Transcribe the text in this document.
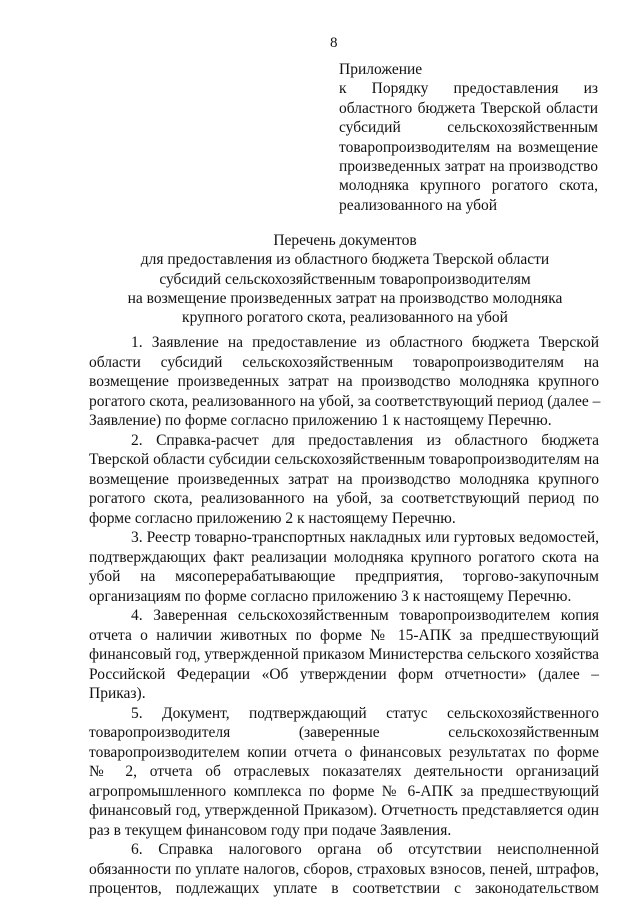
8
Приложение
к Порядку предоставления из
областного бюджета Тверской области
субсидий сельскохозяйственным
товаропроизводителям на возмещение
произведенных затрат на производство
молодняка крупного рогатого скота,
реализованного на убой
Перечень документов
для предоставления из областного бюджета Тверской области
субсидий сельскохозяйственным товаропроизводителям
на возмещение произведенных затрат на производство молодняка
крупного рогатого скота, реализованного на убой
1. Заявление на предоставление из областного бюджета Тверской
области субсидий сельскохозяйственным товаропроизводителям на
возмещение произведенных затрат на производство молодняка крупного
рогатого скота, реализованного на убой, за соответствующий период (далее –
Заявление) по форме согласно приложению 1 к настоящему Перечню.
2. Справка-расчет для предоставления из областного бюджета
Тверской области субсидии сельскохозяйственным товаропроизводителям на
возмещение произведенных затрат на производство молодняка крупного
рогатого скота, реализованного на убой, за соответствующий период по
форме согласно приложению 2 к настоящему Перечню.
3. Реестр товарно-транспортных накладных или гуртовых ведомостей,
подтверждающих факт реализации молодняка крупного рогатого скота на
убой на мясоперерабатывающие предприятия, торгово-закупочным
организациям по форме согласно приложению 3 к настоящему Перечню.
4. Заверенная сельскохозяйственным товаропроизводителем копия
отчета о наличии животных по форме № 15-АПК за предшествующий
финансовый год, утвержденной приказом Министерства сельского хозяйства
Российской Федерации «Об утверждении форм отчетности» (далее –
Приказ).
5. Документ, подтверждающий статус сельскохозяйственного
товаропроизводителя (заверенные сельскохозяйственным
товаропроизводителем копии отчета о финансовых результатах по форме
№ 2, отчета об отраслевых показателях деятельности организаций
агропромышленного комплекса по форме № 6-АПК за предшествующий
финансовый год, утвержденной Приказом). Отчетность представляется один
раз в текущем финансовом году при подаче Заявления.
6. Справка налогового органа об отсутствии неисполненной
обязанности по уплате налогов, сборов, страховых взносов, пеней, штрафов,
процентов, подлежащих уплате в соответствии с законодательством
